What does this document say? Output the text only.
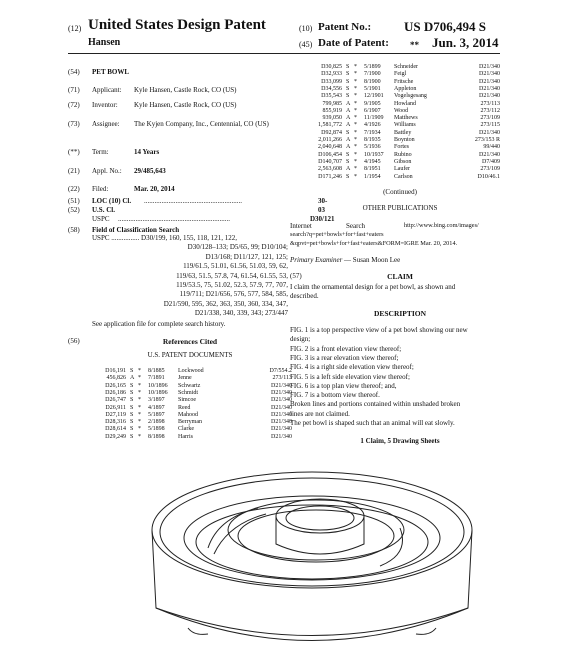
(12) United States Design Patent
Hansen
(10) Patent No.:	US D706,494 S
(45) Date of Patent: ** Jun. 3, 2014
(54)	PET BOWL
(71)	Applicant:	Kyle Hansen, Castle Rock, CO (US)
(72)	Inventor:	Kyle Hansen, Castle Rock, CO (US)
(73)	Assignee:	The Kyjen Company, Inc., Centennial, CO (US)
(**)	Term:	14 Years
(21)	Appl. No.:	29/485,643
(22)	Filed:	Mar. 20, 2014
(51)	LOC (10) Cl. ........................................................	30-03
(52)	U.S. Cl.
USPC ................................................................	D30/121
(58)	Field of Classification Search
USPC ................ D30/199, 160, 155, 118, 121, 122,
D30/128–133; D5/65, 99; D10/104;
D13/168; D11/127, 121, 125;
119/61.5, 51.01, 61.56, 51.03, 59, 62,
119/63, 51.5, 57.8, 74, 61.54, 61.55, 53,
119/53.5, 75, 51.02, 52.3, 57.9, 77, 707,
119/711; D21/656, 576, 577, 584, 585,
D21/590, 595, 362, 363, 350, 360, 334, 347,
D21/338, 340, 339, 343; 273/447
See application file for complete search history.
(56)	References Cited
U.S. PATENT DOCUMENTS
D16,191 S * 8/1885 Lockwood	D7/554.2
456,826 A * 7/1891 Jenne	273/113
D26,165 S * 10/1896 Schwartz	D21/340
D26,186 S * 10/1896 Schmidt	D21/340
D26,747 S * 3/1897 Simcoe	D21/340
D26,911 S * 4/1897 Reed	D21/340
D27,119 S * 5/1897 Mahood	D21/340
D28,316 S * 2/1898 Berryman	D21/340
D28,614 S * 5/1898 Clarke	D21/340
D29,249 S * 8/1898 Harris	D21/340
D30,825 S * 5/1899 Schneider	D21/340
D32,933 S * 7/1900 Feigl	D21/340
D33,099 S * 8/1900 Fritsche	D21/340
D34,556 S * 5/1901 Appleton	D21/340
D35,543 S * 12/1901 Vogelsgesang	D21/340
799,985 A * 9/1905 Howland	273/113
855,919 A * 6/1907 Wood	273/112
939,050 A * 11/1909 Matthews	273/109
1,581,772 A * 4/1926 Williams	273/115
D92,874 S * 7/1934 Battley	D21/340
2,011,266 A * 8/1935 Boynton	273/153 R
2,040,648 A * 5/1936 Fortes	99/440
D106,454 S * 10/1937 Rubino	D21/340
D140,707 S * 4/1945 Gibson	D7/409
2,563,608 A * 8/1951 Laufer	273/109
D171,246 S * 1/1954 Carlson	D10/46.1
(Continued)
OTHER PUBLICATIONS
Internet	Search	http://www.bing.com/images/
search?q=pet+bowls+for+fast+eaters
&qpvt=pet+bowls+for+fast+eaters&FORM=IGRE Mar. 20, 2014.
Primary Examiner — Susan Moon Lee
(57)	CLAIM
I claim the ornamental design for a pet bowl, as shown and
described.
DESCRIPTION
FIG. 1 is a top perspective view of a pet bowl showing our new
design;
FIG. 2 is a front elevation view thereof;
FIG. 3 is a rear elevation view thereof;
FIG. 4 is a right side elevation view thereof;
FIG. 5 is a left side elevation view thereof;
FIG. 6 is a top plan view thereof; and,
FIG. 7 is a bottom view thereof.
Broken lines and portions contained within unshaded broken
lines are not claimed.
The pet bowl is shaped such that an animal will eat slowly.
1 Claim, 5 Drawing Sheets
